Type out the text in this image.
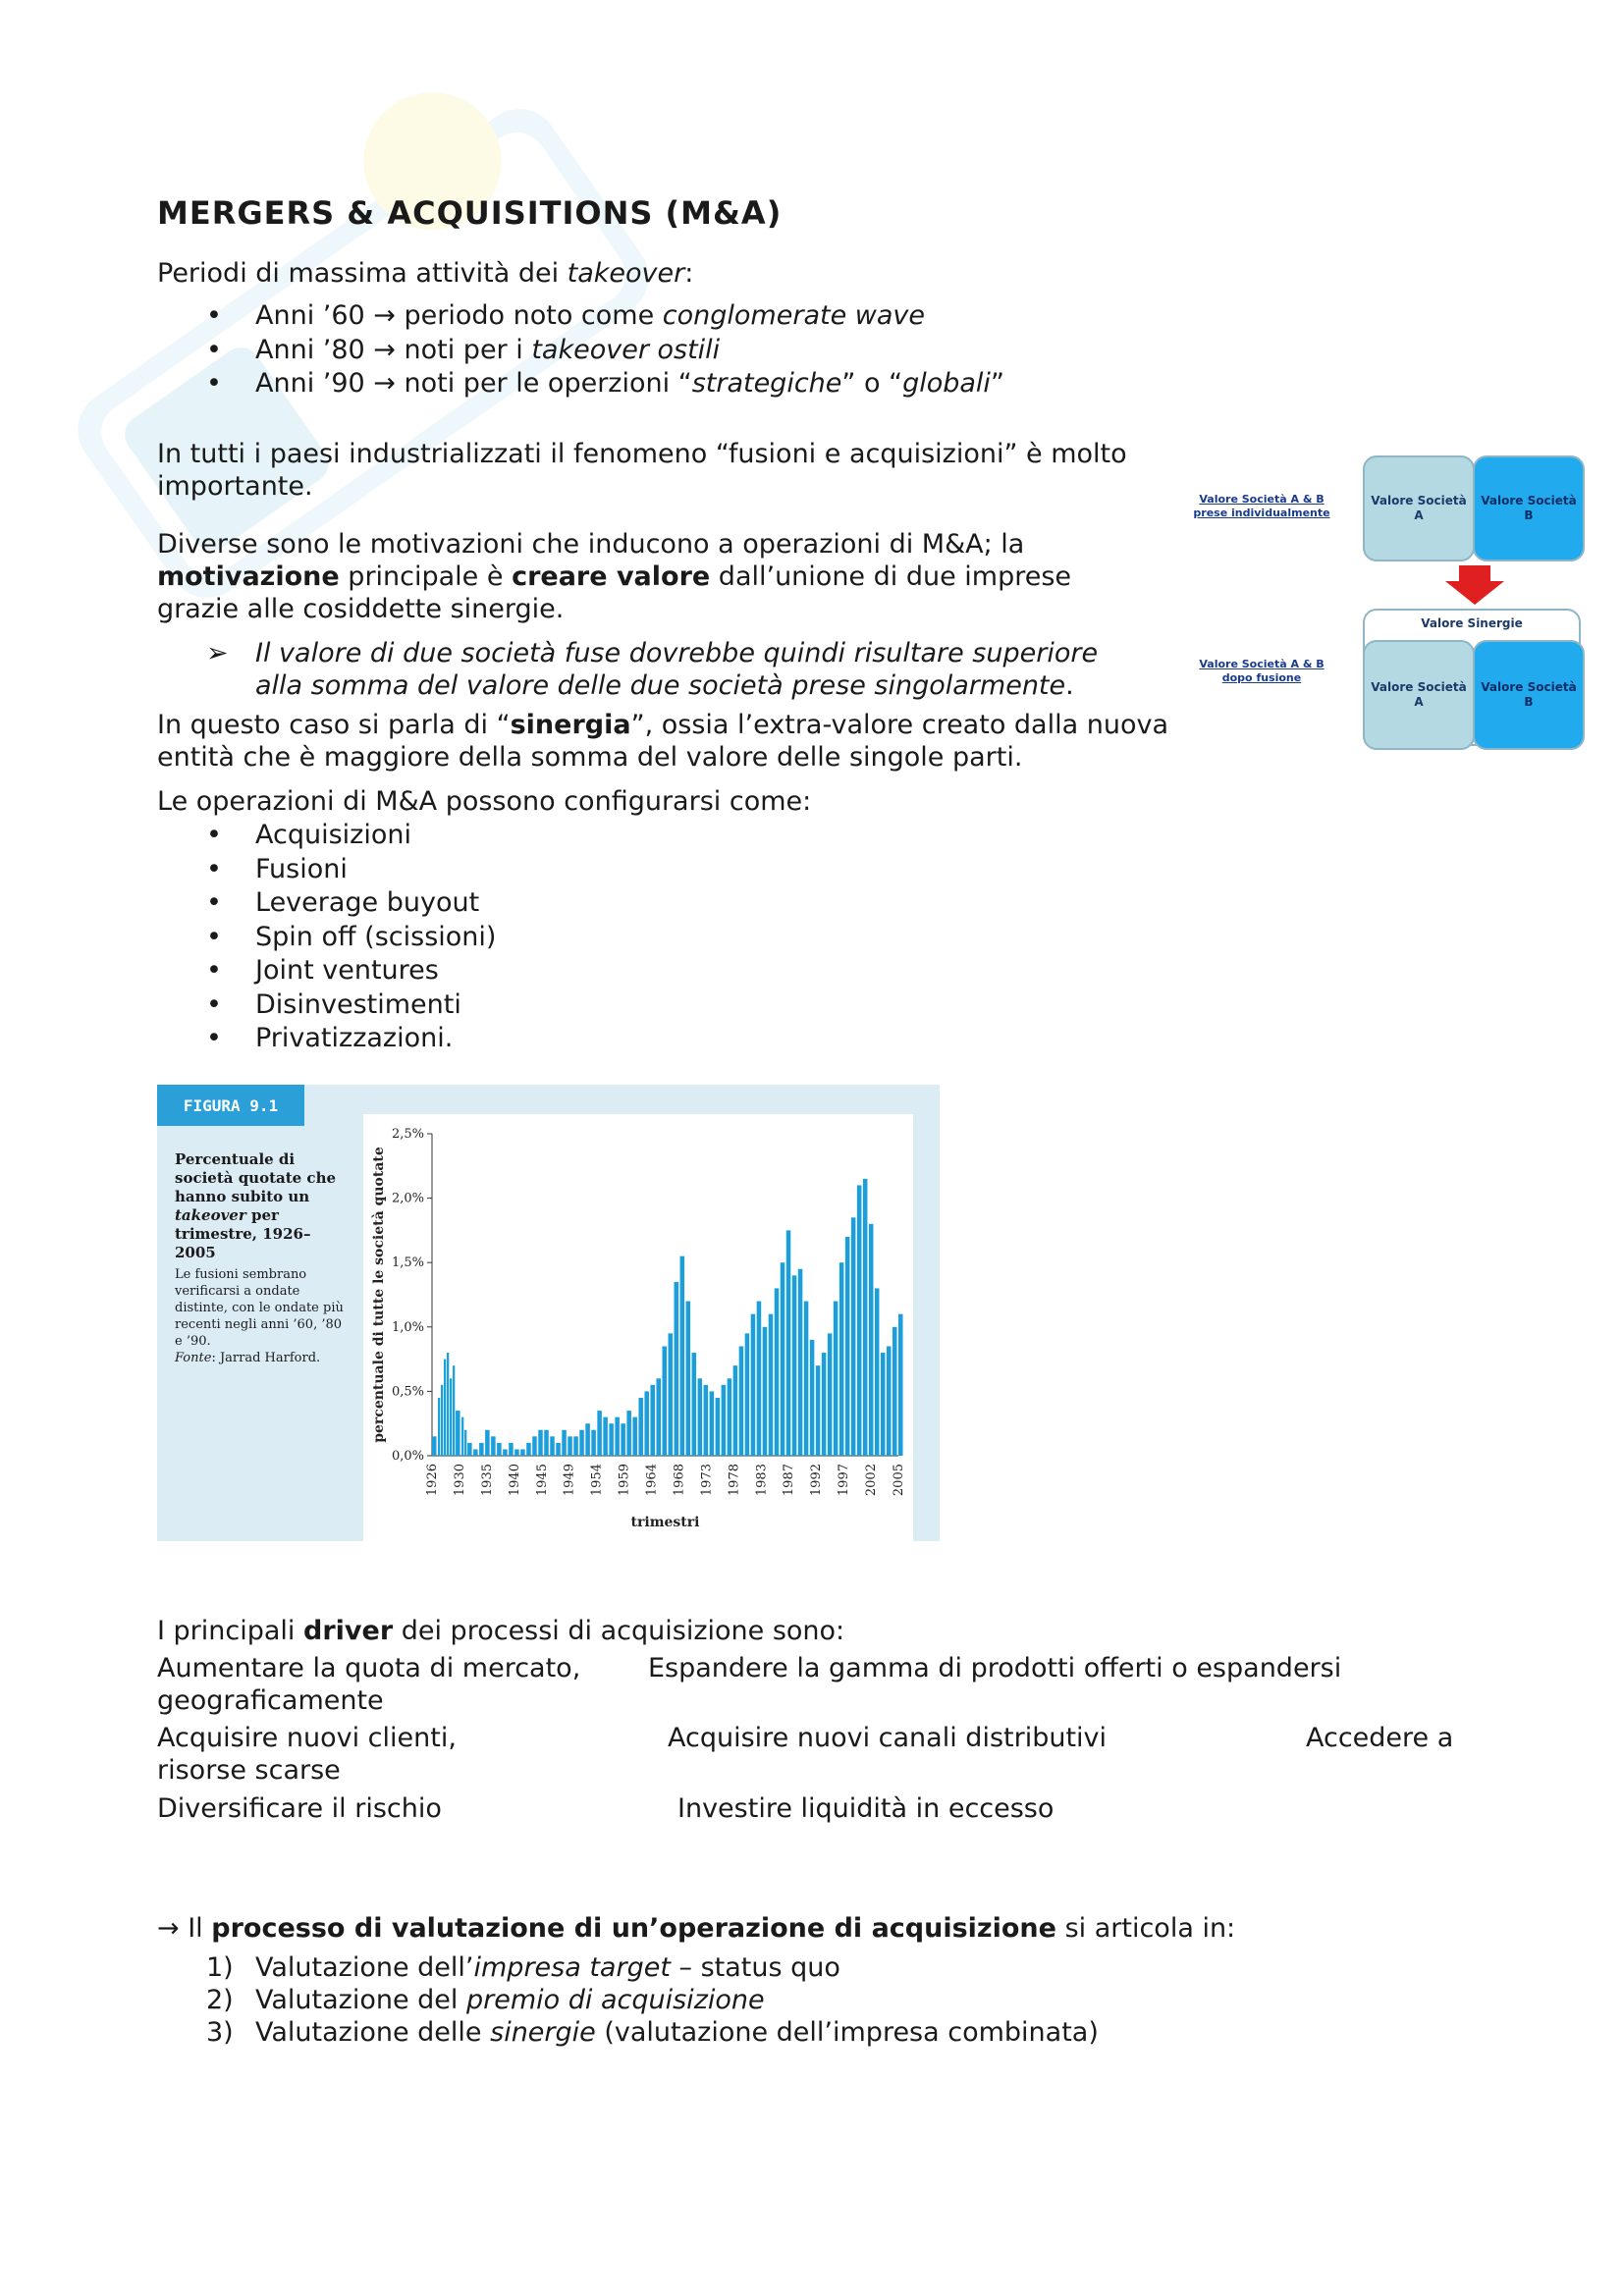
MERGERS & ACQUISITIONS (M&A)
Periodi di massima attività dei takeover:
• Anni ’60 → periodo noto come conglomerate wave
• Anni ’80 → noti per i takeover ostili
• Anni ’90 → noti per le operzioni “strategiche” o “globali”
In tutti i paesi industrializzati il fenomeno “fusioni e acquisizioni” è molto importante.
Diverse sono le motivazioni che inducono a operazioni di M&A; la motivazione principale è creare valore dall’unione di due imprese grazie alle cosiddette sinergie.
➢	Il valore di due società fuse dovrebbe quindi risultare superiore alla somma del valore delle due società prese singolarmente.
In questo caso si parla di “sinergia”, ossia l’extra-valore creato dalla nuova entità che è maggiore della somma del valore delle singole parti.
Le operazioni di M&A possono configurarsi come:
• Acquisizioni
• Fusioni
• Leverage buyout
• Spin off (scissioni)
• Joint ventures
• Disinvestimenti
• Privatizzazioni.
Valore Società A & B prese individualmente
Valore Società A
Valore Società B
Valore Sinergie
Valore Società A
Valore Società B
Valore Società A & B dopo fusione
FIGURA 9.1
Percentuale di società quotate che hanno subito un takeover per trimestre, 1926–2005
Le fusioni sembrano verificarsi a ondate distinte, con le ondate più recenti negli anni ’60, ’80 e ’90.
Fonte: Jarrad Harford.
0,0%
0,5%
1,0%
1,5%
2,0%
2,5%
1926 1930 1935 1940 1945 1949 1954 1959 1964 1968 1973 1978 1983 1987 1992 1997 2002 2005
trimestri
percentuale di tutte le società quotate
I principali driver dei processi di acquisizione sono:
Aumentare la quota di mercato,	Espandere la gamma di prodotti offerti o espandersi
geograficamente
Acquisire nuovi clienti,	Acquisire nuovi canali distributivi	Accedere a
risorse scarse
Diversificare il rischio	Investire liquidità in eccesso
→ Il processo di valutazione di un’operazione di acquisizione si articola in:
1) Valutazione dell’impresa target – status quo
2) Valutazione del premio di acquisizione
3) Valutazione delle sinergie (valutazione dell’impresa combinata)
